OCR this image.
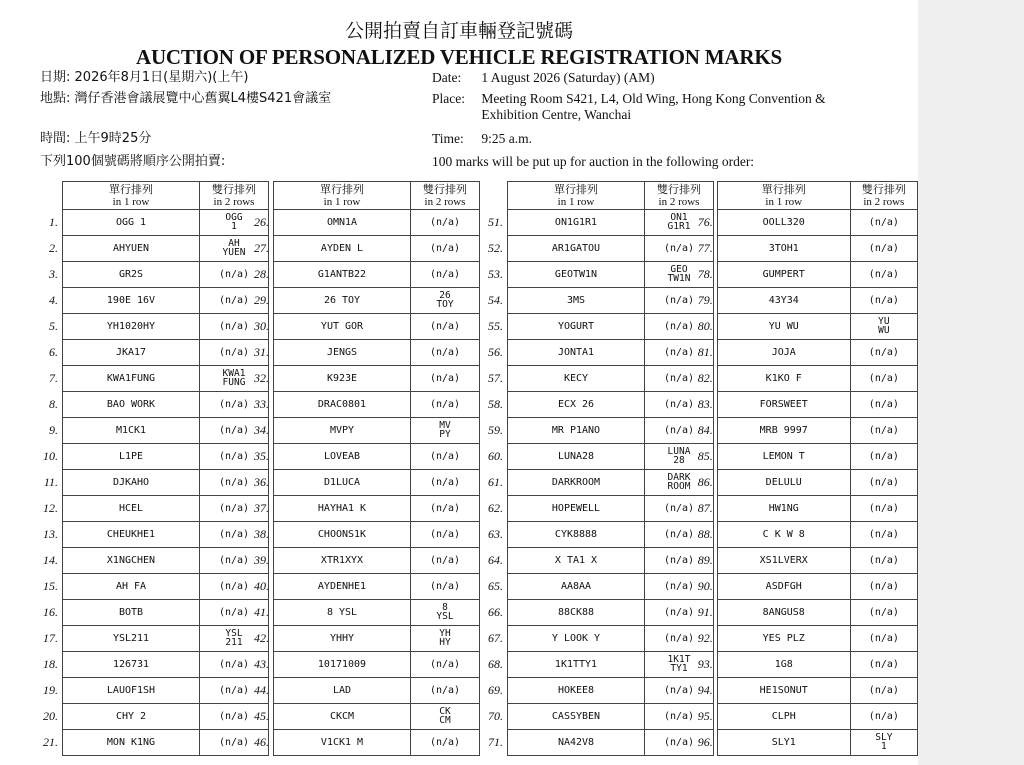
公開拍賣自訂車輛登記號碼
AUCTION OF PERSONALIZED VEHICLE REGISTRATION MARKS
日期: 2026年8月1日(星期六)(上午)
地點: 灣仔香港會議展覽中心舊翼L4樓S421會議室
時間: 上午9時25分
下列100個號碼將順序公開拍賣:
Date: 1 August 2026 (Saturday) (AM)
Place: Meeting Room S421, L4, Old Wing, Hong Kong Convention &
Exhibition Centre, Wanchai
Time: 9:25 a.m.
100 marks will be put up for auction in the following order:
	單行排列
in 1 row	雙行排列
in 2 rows
1.	OGG 1	OGG
1

2.	AHYUEN	AH
YUEN

3.	GR2S	(n/a)
4.	190E 16V	(n/a)
5.	YH1020HY	(n/a)
6.	JKA17	(n/a)
7.	KWA1FUNG	KWA1
FUNG

8.	BAO WORK	(n/a)
9.	M1CK1	(n/a)
10.	L1PE	(n/a)
11.	DJKAHO	(n/a)
12.	HCEL	(n/a)
13.	CHEUKHE1	(n/a)
14.	X1NGCHEN	(n/a)
15.	AH FA	(n/a)
16.	BOTB	(n/a)
17.	YSL211	YSL
211

18.	126731	(n/a)
19.	LAUOF1SH	(n/a)
20.	CHY 2	(n/a)
21.	MON K1NG	(n/a)
	單行排列
in 1 row	雙行排列
in 2 rows
26.	OMN1A	(n/a)
27.	AYDEN L	(n/a)
28.	G1ANTB22	(n/a)
29.	26 TOY	26
TOY

30.	YUT GOR	(n/a)
31.	JENGS	(n/a)
32.	K923E	(n/a)
33.	DRAC0801	(n/a)
34.	MVPY	MV
PY

35.	LOVEAB	(n/a)
36.	D1LUCA	(n/a)
37.	HAYHA1 K	(n/a)
38.	CHOONS1K	(n/a)
39.	XTR1XYX	(n/a)
40.	AYDENHE1	(n/a)
41.	8 YSL	8
YSL

42.	YHHY	YH
HY

43.	10171009	(n/a)
44.	LAD	(n/a)
45.	CKCM	CK
CM

46.	V1CK1 M	(n/a)
	單行排列
in 1 row	雙行排列
in 2 rows
51.	ON1G1R1	ON1
G1R1

52.	AR1GATOU	(n/a)
53.	GEOTW1N	GEO
TW1N

54.	3MS	(n/a)
55.	YOGURT	(n/a)
56.	JONTA1	(n/a)
57.	KECY	(n/a)
58.	ECX 26	(n/a)
59.	MR P1ANO	(n/a)
60.	LUNA28	LUNA
28

61.	DARKROOM	DARK
ROOM

62.	HOPEWELL	(n/a)
63.	CYK8888	(n/a)
64.	X TA1 X	(n/a)
65.	AA8AA	(n/a)
66.	88CK88	(n/a)
67.	Y LOOK Y	(n/a)
68.	1K1TTY1	1K1T
TY1

69.	HOKEE8	(n/a)
70.	CASSYBEN	(n/a)
71.	NA42V8	(n/a)
	單行排列
in 1 row	雙行排列
in 2 rows
76.	OOLL320	(n/a)
77.	3TOH1	(n/a)
78.	GUMPERT	(n/a)
79.	43Y34	(n/a)
80.	YU WU	YU
WU

81.	JOJA	(n/a)
82.	K1KO F	(n/a)
83.	FORSWEET	(n/a)
84.	MRB 9997	(n/a)
85.	LEMON T	(n/a)
86.	DELULU	(n/a)
87.	HW1NG	(n/a)
88.	C K W 8	(n/a)
89.	XS1LVERX	(n/a)
90.	ASDFGH	(n/a)
91.	8ANGUS8	(n/a)
92.	YES PLZ	(n/a)
93.	1G8	(n/a)
94.	HE1SONUT	(n/a)
95.	CLPH	(n/a)
96.	SLY1	SLY
1
